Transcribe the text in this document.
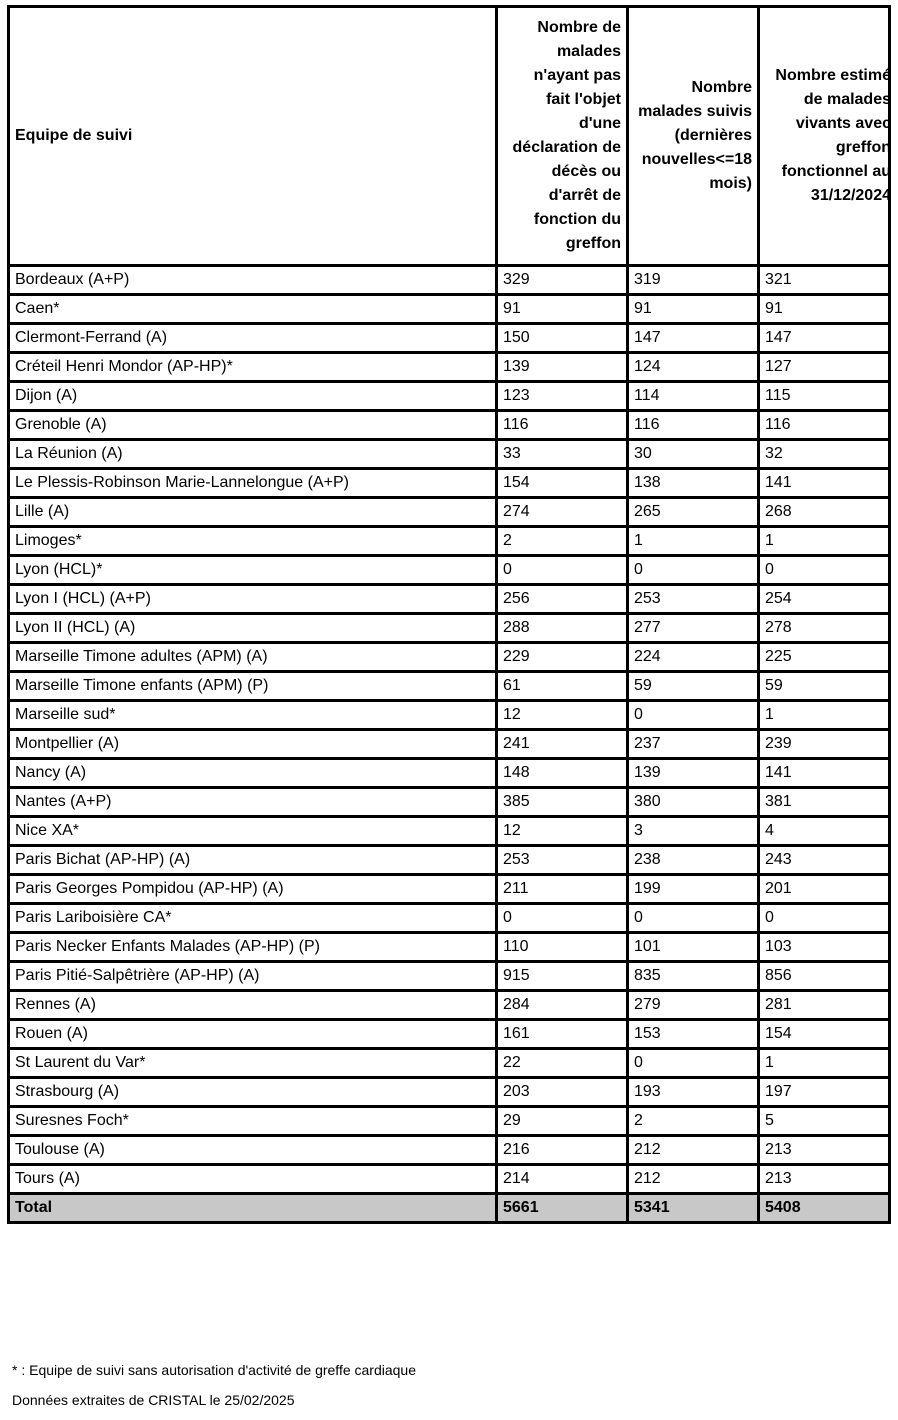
Equipe de suivi	Nombre de malades n'ayant pas fait l'objet d'une déclaration de décès ou d'arrêt de fonction du greffon	Nombre malades suivis (dernières nouvelles<=18 mois)	Nombre estimé de malades vivants avec greffon fonctionnel au 31/12/2024
Bordeaux (A+P)	329	319	321
Caen*	91	91	91
Clermont-Ferrand (A)	150	147	147
Créteil Henri Mondor (AP-HP)*	139	124	127
Dijon (A)	123	114	115
Grenoble (A)	116	116	116
La Réunion (A)	33	30	32
Le Plessis-Robinson Marie-Lannelongue (A+P)	154	138	141
Lille (A)	274	265	268
Limoges*	2	1	1
Lyon (HCL)*	0	0	0
Lyon I (HCL) (A+P)	256	253	254
Lyon II (HCL) (A)	288	277	278
Marseille Timone adultes (APM) (A)	229	224	225
Marseille Timone enfants (APM) (P)	61	59	59
Marseille sud*	12	0	1
Montpellier (A)	241	237	239
Nancy (A)	148	139	141
Nantes (A+P)	385	380	381
Nice XA*	12	3	4
Paris Bichat (AP-HP) (A)	253	238	243
Paris Georges Pompidou (AP-HP) (A)	211	199	201
Paris Lariboisière CA*	0	0	0
Paris Necker Enfants Malades (AP-HP) (P)	110	101	103
Paris Pitié-Salpêtrière (AP-HP) (A)	915	835	856
Rennes (A)	284	279	281
Rouen (A)	161	153	154
St Laurent du Var*	22	0	1
Strasbourg (A)	203	193	197
Suresnes Foch*	29	2	5
Toulouse (A)	216	212	213
Tours (A)	214	212	213
Total	5661	5341	5408
* : Equipe de suivi sans autorisation d'activité de greffe cardiaque
Données extraites de CRISTAL le 25/02/2025
